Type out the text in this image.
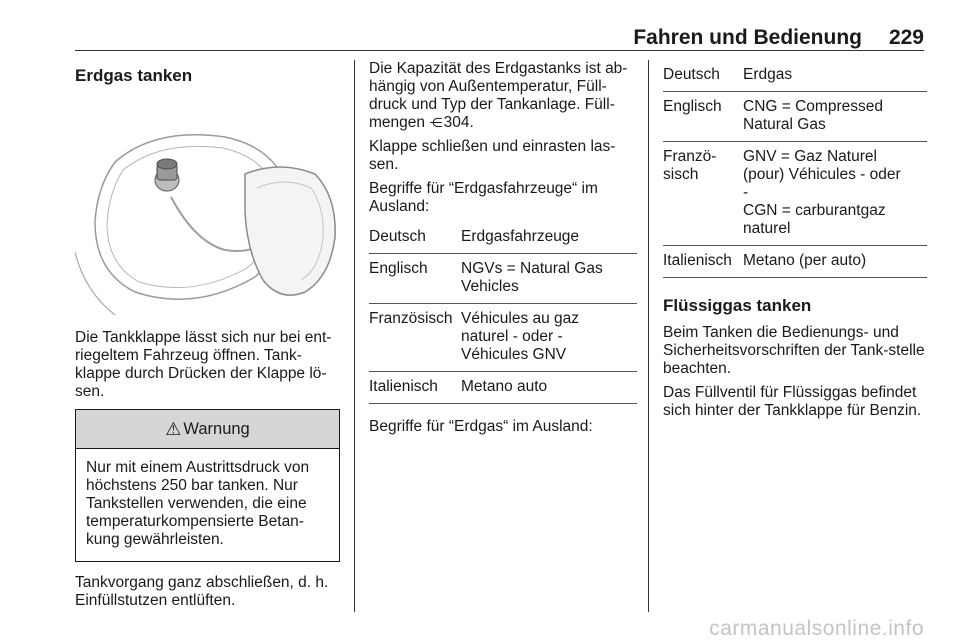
Fahren und Bedienung 229
Erdgas tanken

Die Tankklappe lässt sich nur bei ent-riegeltem Fahrzeug öffnen. Tank-klappe durch Drücken der Klappe lö-sen.

⚠ Warnung
Nur mit einem Austrittsdruck von höchstens 250 bar tanken. Nur Tankstellen verwenden, die eine temperaturkompensierte Betan-kung gewährleisten.

Tankvorgang ganz abschließen, d. h. Einfüllstutzen entlüften.

Die Kapazität des Erdgastanks ist ab-hängig von Außentemperatur, Füll-druck und Typ der Tankanlage. Füll-mengen ⋲ 304.

Klappe schließen und einrasten las-sen.

Begriffe für “Erdgasfahrzeuge“ im Ausland:

Deutsch	Erdgasfahrzeuge
Englisch	NGVs = Natural Gas
Vehicles
Französisch	Véhicules au gaz
naturel - oder -
Véhicules GNV
Italienisch	Metano auto

Begriffe für “Erdgas“ im Ausland:

Deutsch	Erdgas
Englisch	CNG = Compressed
Natural Gas
Franzö-
sisch	GNV = Gaz Naturel
(pour) Véhicules - oder
-
CGN = carburantgaz
naturel
Italienisch	Metano (per auto)
Flüssiggas tanken

Beim Tanken die Bedienungs- und Sicherheitsvorschriften der Tank-stelle beachten.

Das Füllventil für Flüssiggas befindet sich hinter der Tankklappe für Benzin.

carmanualsonline.info
